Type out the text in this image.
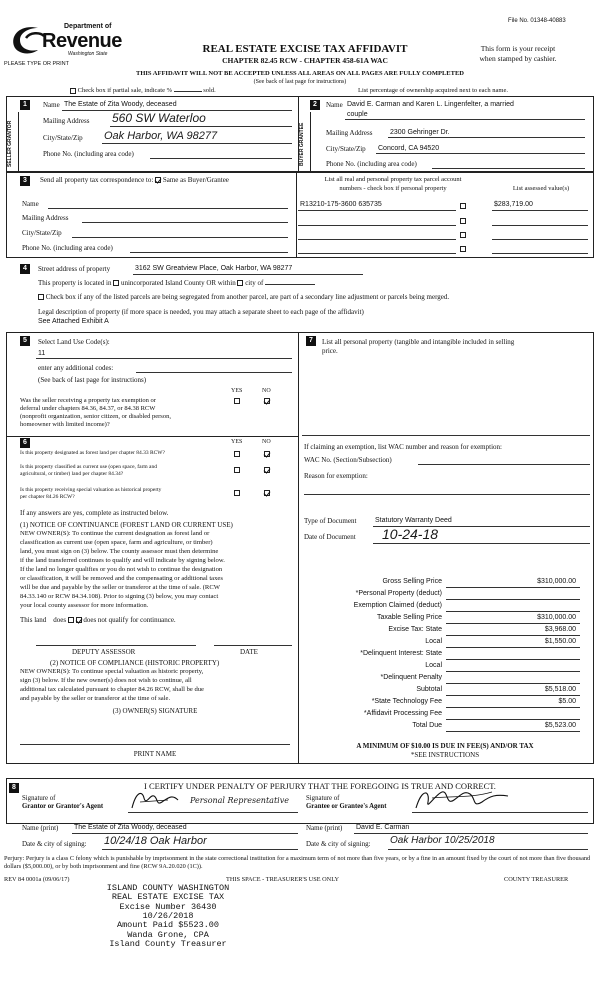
File No. 01348-40883
Department of
Revenue
Washington State
PLEASE TYPE OR PRINT
REAL ESTATE EXCISE TAX AFFIDAVIT
CHAPTER 82.45 RCW - CHAPTER 458-61A WAC
This form is your receipt
when stamped by cashier.
THIS AFFIDAVIT WILL NOT BE ACCEPTED UNLESS ALL AREAS ON ALL PAGES ARE FULLY COMPLETED
(See back of last page for instructions)
Check box if partial sale, indicate %	sold.	List percentage of ownership acquired next to each name.
1
SELLER GRANTOR
Name The Estate of Zita Woody, deceased
Mailing Address 560 SW Waterloo
City/State/Zip Oak Harbor, WA 98277
Phone No. (including area code)
2
BUYER GRANTEE
Name David E. Carman and Karen L. Lingenfelter, a married
couple
Mailing Address	2300 Gehringer Dr.
City/State/Zip Concord, CA 94520
Phone No. (including area code)
3	Send all property tax correspondence to: Same as Buyer/Grantee
Name
Mailing Address
City/State/Zip
Phone No. (including area code)
List all real and personal property tax parcel account
numbers - check box if personal property	List assessed value(s)
R13210-175-3600 635735	$283,719.00
4	Street address of property	3162 SW Greatview Place, Oak Harbor, WA 98277
This property is located in unincorporated Island County OR within city of
Check box if any of the listed parcels are being segregated from another parcel, are part of a secondary line adjustment or parcels being merged.
Legal description of property (if more space is needed, you may attach a separate sheet to each page of the affidavit)
See Attached Exhibit A
5	Select Land Use Code(s):
11
enter any additional codes:
(See back of last page for instructions)
YES	NO
Was the seller receiving a property tax exemption or
deferral under chapters 84.36, 84.37, or 84.38 RCW
(nonprofit organization, senior citizen, or disabled person,
homeowner with limited income)?
6	YES	NO
Is this property designated as forest land per chapter 84.33 RCW?
Is this property classified as current use (open space, farm and
agricultural, or timber) land per chapter 84.34?
Is this property receiving special valuation as historical property
per chapter 84.26 RCW?
If any answers are yes, complete as instructed below.
(1) NOTICE OF CONTINUANCE (FOREST LAND OR CURRENT USE)
NEW OWNER(S): To continue the current designation as forest land or
classification as current use (open space, farm and agriculture, or timber)
land, you must sign on (3) below. The county assessor must then determine
if the land transferred continues to qualify and will indicate by signing below.
If the land no longer qualifies or you do not wish to continue the designation
or classification, it will be removed and the compensating or additional taxes
will be due and payable by the seller or transferor at the time of sale. (RCW
84.33.140 or RCW 84.34.108). Prior to signing (3) below, you may contact
your local county assessor for more information.
This land does does not qualify for continuance.
DEPUTY ASSESSOR	DATE
(2) NOTICE OF COMPLIANCE (HISTORIC PROPERTY)
NEW OWNER(S): To continue special valuation as historic property,
sign (3) below. If the new owner(s) does not wish to continue, all
additional tax calculated pursuant to chapter 84.26 RCW, shall be due
and payable by the seller or transferor at the time of sale.
(3) OWNER(S) SIGNATURE
PRINT NAME
7	List all personal property (tangible and intangible included in selling
price.
If claiming an exemption, list WAC number and reason for exemption:
WAC No. (Section/Subsection)
Reason for exemption:
Type of Document	Statutory Warranty Deed
Date of Document 10-24-18
Gross Selling Price	$310,000.00
*Personal Property (deduct)
Exemption Claimed (deduct)
Taxable Selling Price	$310,000.00
Excise Tax: State	$3,968.00
Local	$1,550.00
*Delinquent Interest: State
Local
*Delinquent Penalty
Subtotal	$5,518.00
*State Technology Fee	$5.00
*Affidavit Processing Fee
Total Due	$5,523.00
A MINIMUM OF $10.00 IS DUE IN FEE(S) AND/OR TAX
*SEE INSTRUCTIONS
8	I CERTIFY UNDER PENALTY OF PERJURY THAT THE FOREGOING IS TRUE AND CORRECT.
Signature of
Grantor or Grantor's Agent
Personal Representative	Signature of
Grantee or Grantee's Agent
Name (print) The Estate of Zita Woody, deceased	Name (print) David E. Carman
Date & city of signing: 10/24/18 Oak Harbor	Date & city of signing: Oak Harbor 10/25/2018
Perjury: Perjury is a class C felony which is punishable by imprisonment in the state correctional institution for a maximum term of not more than five years, or by a fine in an amount fixed by the court of not more than five thousand dollars ($5,000.00), or by both imprisonment and fine (RCW 9A.20.020 (1C)).
REV 84 0001a (09/06/17)	THIS SPACE - TREASURER'S USE ONLY	COUNTY TREASURER
ISLAND COUNTY WASHINGTON
REAL ESTATE EXCISE TAX
Excise Number 36430
10/26/2018
Amount Paid $5523.00
Wanda Grone, CPA
Island County Treasurer
